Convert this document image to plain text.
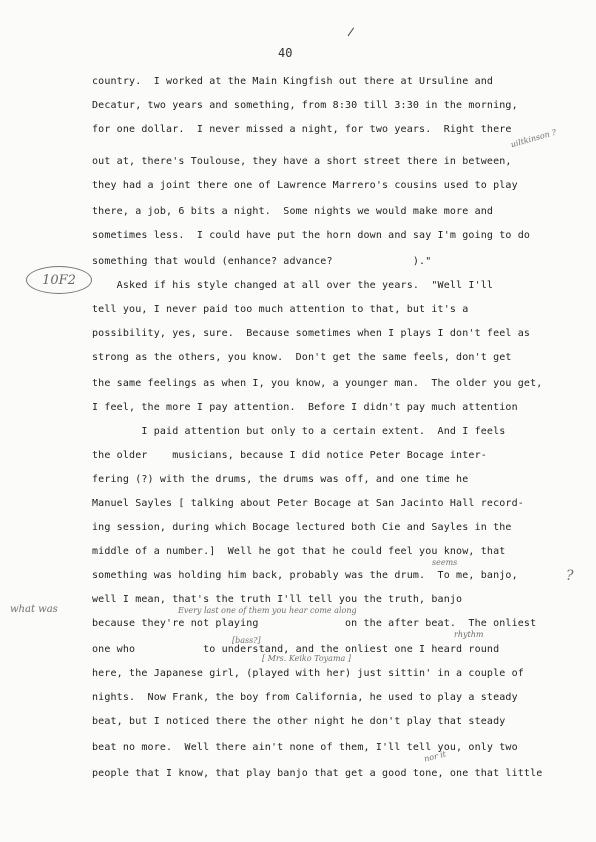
40
10F2
country.  I worked at the Main Kingfish out there at Ursuline and
Decatur, two years and something, from 8:30 till 3:30 in the morning,
for one dollar.  I never missed a night, for two years.  Right there
out at, there's Toulouse, they have a short street there in between,
they had a joint there one of Lawrence Marrero's cousins used to play
there, a job, 6 bits a night.  Some nights we would make more and
sometimes less.  I could have put the horn down and say I'm going to do
something that would (enhance? advance?             )."
Asked if his style changed at all over the years.  "Well I'll
tell you, I never paid too much attention to that, but it's a
possibility, yes, sure.  Because sometimes when I plays I don't feel as
strong as the others, you know.  Don't get the same feels, don't get
the same feelings as when I, you know, a younger man.  The older you get,
I feel, the more I pay attention.  Before I didn't pay much attention
I paid attention but only to a certain extent.  And I feels
the older    musicians, because I did notice Peter Bocage inter-
fering (?) with the drums, the drums was off, and one time he
Manuel Sayles [ talking about Peter Bocage at San Jacinto Hall record-
ing session, during which Bocage lectured both Cie and Sayles in the
middle of a number.]  Well he got that he could feel you know, that
something was holding him back, probably was the drum.  To me, banjo,
well I mean, that's the truth I'll tell you the truth, banjo
because they're not playing              on the after beat.  The onliest
one who           to understand, and the onliest one I heard round
here, the Japanese girl, (played with her) just sittin' in a couple of
nights.  Now Frank, the boy from California, he used to play a steady
beat, but I noticed there the other night he don't play that steady
beat no more.  Well there ain't none of them, I'll tell you, only two
people that I know, that play banjo that get a good tone, one that little
what was	Every last one of them you hear come along
[ Mrs. Keiko Toyama ]
[bass?]
uiltkinson ?
rhythm
nor it
seems
?
